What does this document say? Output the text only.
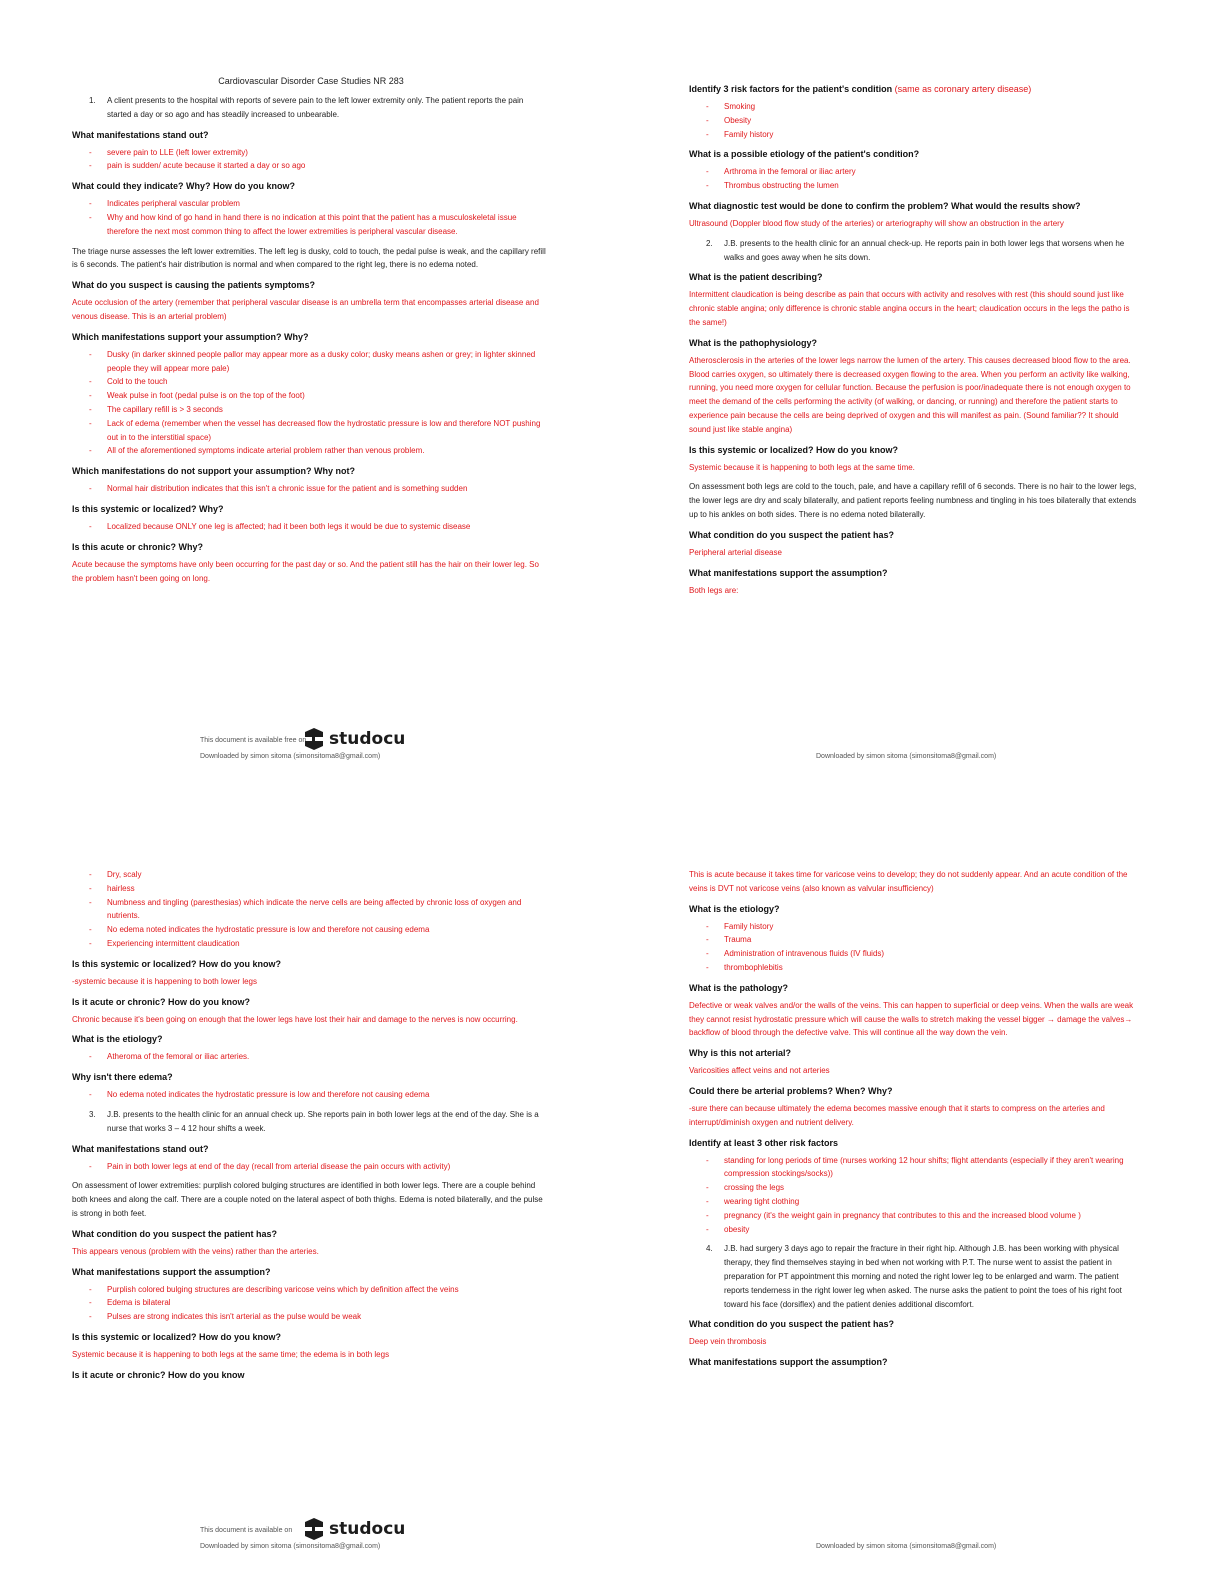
Cardiovascular Disorder Case Studies NR 283
1. A client presents to the hospital with reports of severe pain to the left lower extremity only. The patient reports the pain started a day or so ago and has steadily increased to unbearable.
What manifestations stand out?
- severe pain to LLE (left lower extremity)
- pain is sudden/ acute because it started a day or so ago
What could they indicate? Why? How do you know?
- Indicates peripheral vascular problem
- Why and how kind of go hand in hand there is no indication at this point that the patient has a musculoskeletal issue therefore the next most common thing to affect the lower extremities is peripheral vascular disease.
The triage nurse assesses the left lower extremities. The left leg is dusky, cold to touch, the pedal pulse is weak, and the capillary refill is 6 seconds. The patient's hair distribution is normal and when compared to the right leg, there is no edema noted.
What do you suspect is causing the patients symptoms?
Acute occlusion of the artery (remember that peripheral vascular disease is an umbrella term that encompasses arterial disease and venous disease. This is an arterial problem)
Which manifestations support your assumption? Why?
- Dusky (in darker skinned people pallor may appear more as a dusky color; dusky means ashen or grey; in lighter skinned people they will appear more pale)
- Cold to the touch
- Weak pulse in foot (pedal pulse is on the top of the foot)
- The capillary refill is > 3 seconds
- Lack of edema (remember when the vessel has decreased flow the hydrostatic pressure is low and therefore NOT pushing out in to the interstitial space)
- All of the aforementioned symptoms indicate arterial problem rather than venous problem.
Which manifestations do not support your assumption? Why not?
- Normal hair distribution indicates that this isn't a chronic issue for the patient and is something sudden
Is this systemic or localized? Why?
- Localized because ONLY one leg is affected; had it been both legs it would be due to systemic disease
Is this acute or chronic? Why?
Acute because the symptoms have only been occurring for the past day or so. And the patient still has the hair on their lower leg. So the problem hasn't been going on long.
Identify 3 risk factors for the patient's condition (same as coronary artery disease)
- Smoking
- Obesity
- Family history
What is a possible etiology of the patient's condition?
- Arthroma in the femoral or iliac artery
- Thrombus obstructing the lumen
What diagnostic test would be done to confirm the problem? What would the results show?
Ultrasound (Doppler blood flow study of the arteries) or arteriography will show an obstruction in the artery
2. J.B. presents to the health clinic for an annual check-up. He reports pain in both lower legs that worsens when he walks and goes away when he sits down.
What is the patient describing?
Intermittent claudication is being describe as pain that occurs with activity and resolves with rest (this should sound just like chronic stable angina; only difference is chronic stable angina occurs in the heart; claudication occurs in the legs the patho is the same!)
What is the pathophysiology?
Atherosclerosis in the arteries of the lower legs narrow the lumen of the artery. This causes decreased blood flow to the area. Blood carries oxygen, so ultimately there is decreased oxygen flowing to the area. When you perform an activity like walking, running, you need more oxygen for cellular function. Because the perfusion is poor/inadequate there is not enough oxygen to meet the demand of the cells performing the activity (of walking, or dancing, or running) and therefore the patient starts to experience pain because the cells are being deprived of oxygen and this will manifest as pain. (Sound familiar?? It should sound just like stable angina)
Is this systemic or localized? How do you know?
Systemic because it is happening to both legs at the same time.
On assessment both legs are cold to the touch, pale, and have a capillary refill of 6 seconds. There is no hair to the lower legs, the lower legs are dry and scaly bilaterally, and patient reports feeling numbness and tingling in his toes bilaterally that extends up to his ankles on both sides. There is no edema noted bilaterally.
What condition do you suspect the patient has?
Peripheral arterial disease
What manifestations support the assumption?
Both legs are:
- Dry, scaly
- hairless
- Numbness and tingling (paresthesias) which indicate the nerve cells are being affected by chronic loss of oxygen and nutrients.
- No edema noted indicates the hydrostatic pressure is low and therefore not causing edema
- Experiencing intermittent claudication
Is this systemic or localized? How do you know?
-systemic because it is happening to both lower legs
Is it acute or chronic? How do you know?
Chronic because it's been going on enough that the lower legs have lost their hair and damage to the nerves is now occurring.
What is the etiology?
- Atheroma of the femoral or iliac arteries.
Why isn't there edema?
- No edema noted indicates the hydrostatic pressure is low and therefore not causing edema
3. J.B. presents to the health clinic for an annual check up. She reports pain in both lower legs at the end of the day. She is a nurse that works 3 – 4 12 hour shifts a week.
What manifestations stand out?
- Pain in both lower legs at end of the day (recall from arterial disease the pain occurs with activity)
On assessment of lower extremities: purplish colored bulging structures are identified in both lower legs. There are a couple behind both knees and along the calf. There are a couple noted on the lateral aspect of both thighs. Edema is noted bilaterally, and the pulse is strong in both feet.
What condition do you suspect the patient has?
This appears venous (problem with the veins) rather than the arteries.
What manifestations support the assumption?
- Purplish colored bulging structures are describing varicose veins which by definition affect the veins
- Edema is bilateral
- Pulses are strong indicates this isn't arterial as the pulse would be weak
Is this systemic or localized? How do you know?
Systemic because it is happening to both legs at the same time; the edema is in both legs
Is it acute or chronic? How do you know
This is acute because it takes time for varicose veins to develop; they do not suddenly appear. And an acute condition of the veins is DVT not varicose veins (also known as valvular insufficiency)
What is the etiology?
- Family history
- Trauma
- Administration of intravenous fluids (IV fluids)
- thrombophlebitis
What is the pathology?
Defective or weak valves and/or the walls of the veins. This can happen to superficial or deep veins. When the walls are weak they cannot resist hydrostatic pressure which will cause the walls to stretch making the vessel bigger → damage the valves→ backflow of blood through the defective valve. This will continue all the way down the vein.
Why is this not arterial?
Varicosities affect veins and not arteries
Could there be arterial problems? When? Why?
-sure there can because ultimately the edema becomes massive enough that it starts to compress on the arteries and interrupt/diminish oxygen and nutrient delivery.
Identify at least 3 other risk factors
- standing for long periods of time (nurses working 12 hour shifts; flight attendants (especially if they aren't wearing compression stockings/socks))
- crossing the legs
- wearing tight clothing
- pregnancy (it's the weight gain in pregnancy that contributes to this and the increased blood volume )
- obesity
4. J.B. had surgery 3 days ago to repair the fracture in their right hip. Although J.B. has been working with physical therapy, they find themselves staying in bed when not working with P.T. The nurse went to assist the patient in preparation for PT appointment this morning and noted the right lower leg to be enlarged and warm. The patient reports tenderness in the right lower leg when asked. The nurse asks the patient to point the toes of his right foot toward his face (dorsiflex) and the patient denies additional discomfort.
What condition do you suspect the patient has?
Deep vein thrombosis
What manifestations support the assumption?
This document is available free on studocu
Downloaded by simon sitoma (simonsitoma8@gmail.com)	Downloaded by simon sitoma (simonsitoma8@gmail.com)
This document is available on studocu
Downloaded by simon sitoma (simonsitoma8@gmail.com)	Downloaded by simon sitoma (simonsitoma8@gmail.com)
